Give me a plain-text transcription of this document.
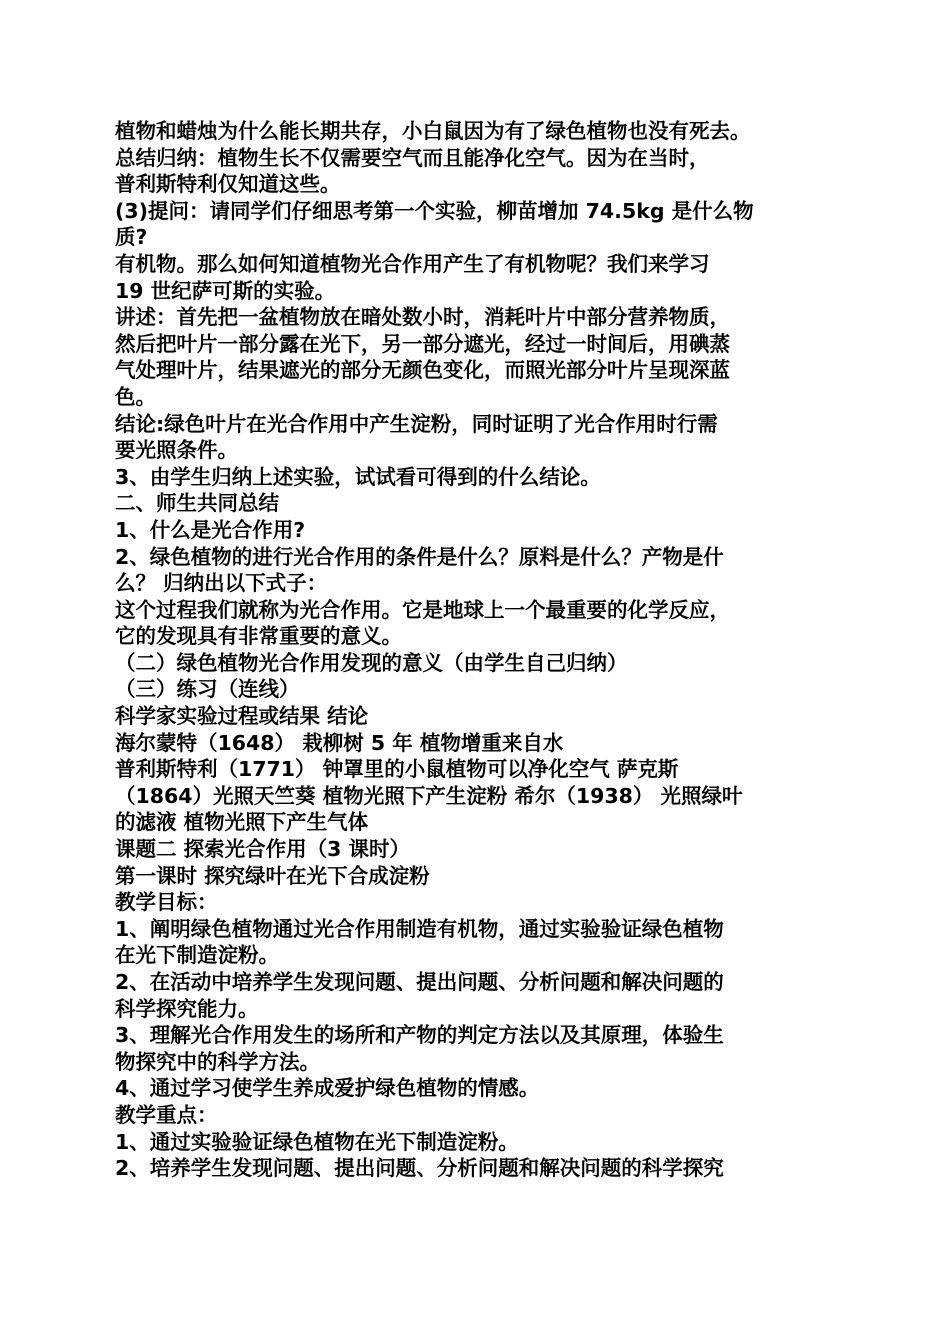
植物和蜡烛为什么能长期共存，小白鼠因为有了绿色植物也没有死去。
总结归纳：植物生长不仅需要空气而且能净化空气。因为在当时，
普利斯特利仅知道这些。
(3)提问：请同学们仔细思考第一个实验，柳苗增加 74.5kg 是什么物
质?
有机物。那么如何知道植物光合作用产生了有机物呢？我们来学习
19 世纪萨可斯的实验。
讲述：首先把一盆植物放在暗处数小时，消耗叶片中部分营养物质，
然后把叶片一部分露在光下，另一部分遮光，经过一时间后，用碘蒸
气处理叶片，结果遮光的部分无颜色变化，而照光部分叶片呈现深蓝
色。
结论:绿色叶片在光合作用中产生淀粉，同时证明了光合作用时行需
要光照条件。
3、由学生归纳上述实验，试试看可得到的什么结论。
二、师生共同总结
1、什么是光合作用?
2、绿色植物的进行光合作用的条件是什么？原料是什么？产物是什
么？ 归纳出以下式子：
这个过程我们就称为光合作用。它是地球上一个最重要的化学反应，
它的发现具有非常重要的意义。
（二）绿色植物光合作用发现的意义（由学生自己归纳）
（三）练习（连线）
科学家实验过程或结果 结论
海尔蒙特（1648） 栽柳树 5 年 植物增重来自水
普利斯特利（1771） 钟罩里的小鼠植物可以净化空气 萨克斯
（1864）光照天竺葵 植物光照下产生淀粉 希尔（1938） 光照绿叶
的滤液 植物光照下产生气体
课题二 探索光合作用（3 课时）
第一课时 探究绿叶在光下合成淀粉
教学目标：
1、阐明绿色植物通过光合作用制造有机物，通过实验验证绿色植物
在光下制造淀粉。
2、在活动中培养学生发现问题、提出问题、分析问题和解决问题的
科学探究能力。
3、理解光合作用发生的场所和产物的判定方法以及其原理，体验生
物探究中的科学方法。
4、通过学习使学生养成爱护绿色植物的情感。
教学重点：
1、通过实验验证绿色植物在光下制造淀粉。
2、培养学生发现问题、提出问题、分析问题和解决问题的科学探究
